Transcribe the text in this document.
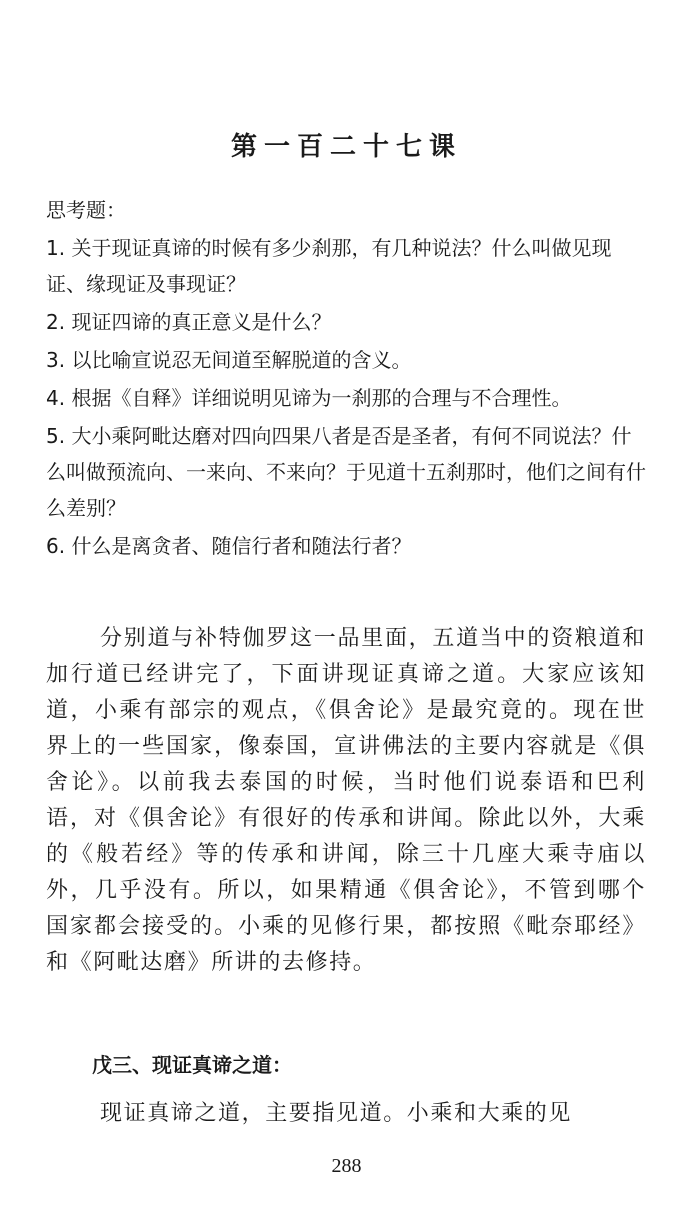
第一百二十七课
思考题：
1. 关于现证真谛的时候有多少刹那，有几种说法？什么叫做见现证、缘现证及事现证？
2. 现证四谛的真正意义是什么？
3. 以比喻宣说忍无间道至解脱道的含义。
4. 根据《自释》详细说明见谛为一刹那的合理与不合理性。
5. 大小乘阿毗达磨对四向四果八者是否是圣者，有何不同说法？什么叫做预流向、一来向、不来向？于见道十五刹那时，他们之间有什么差别？
6. 什么是离贪者、随信行者和随法行者？
分别道与补特伽罗这一品里面，五道当中的资粮道和加行道已经讲完了，下面讲现证真谛之道。大家应该知道，小乘有部宗的观点，《俱舍论》是最究竟的。现在世界上的一些国家，像泰国，宣讲佛法的主要内容就是《俱舍论》。以前我去泰国的时候，当时他们说泰语和巴利语，对《俱舍论》有很好的传承和讲闻。除此以外，大乘的《般若经》等的传承和讲闻，除三十几座大乘寺庙以外，几乎没有。所以，如果精通《俱舍论》，不管到哪个国家都会接受的。小乘的见修行果，都按照《毗奈耶经》和《阿毗达磨》所讲的去修持。
戊三、现证真谛之道：
现证真谛之道，主要指见道。小乘和大乘的见
288
